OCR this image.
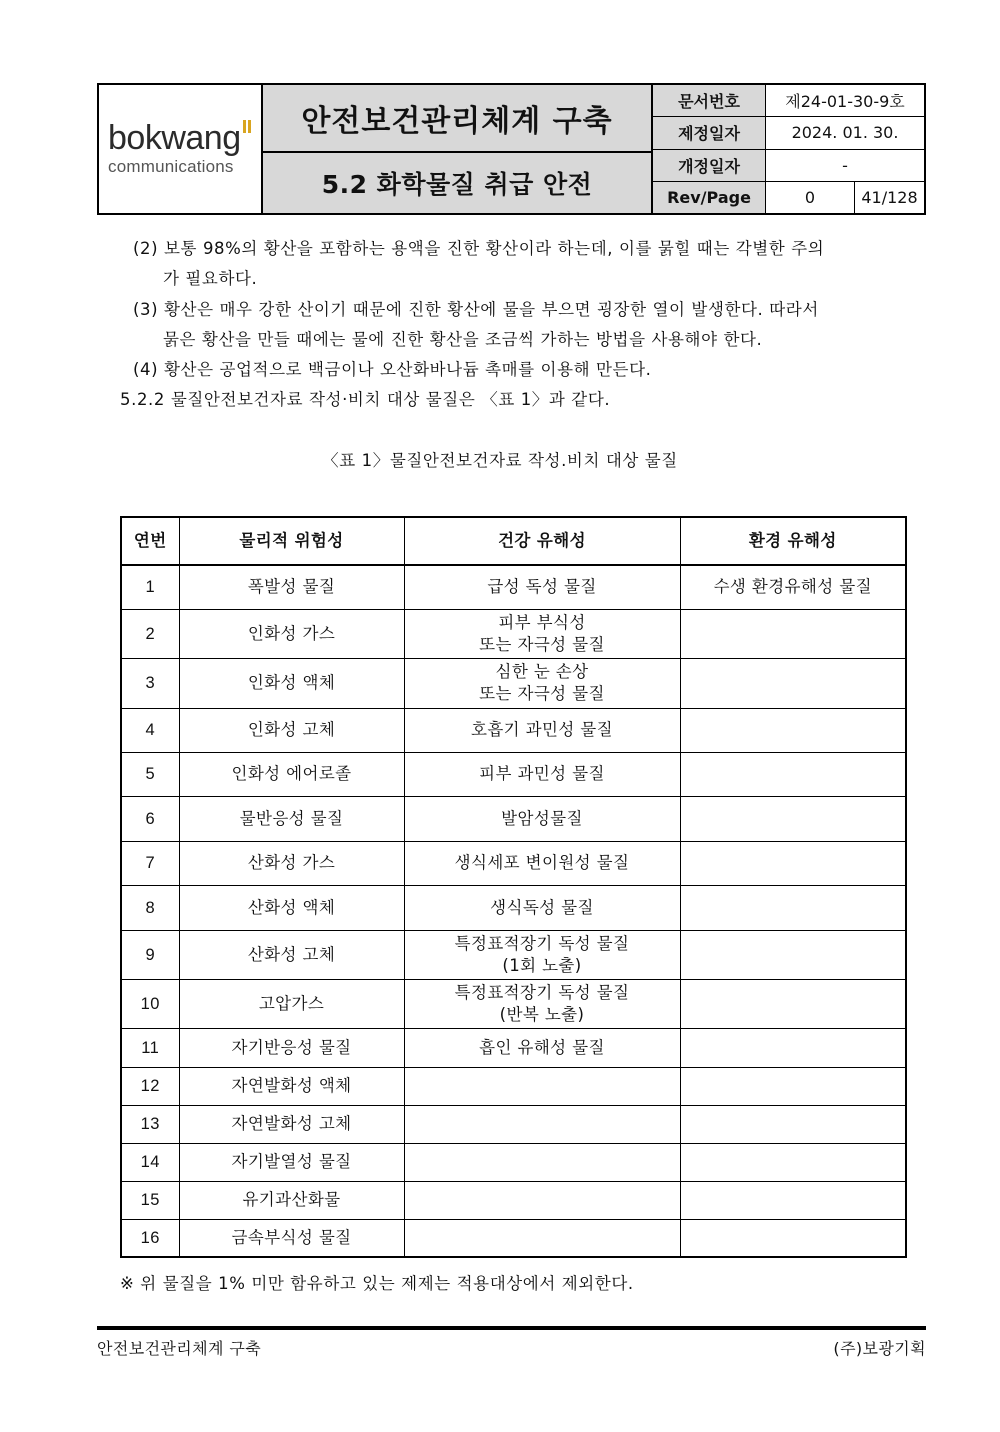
bokwang
communications
안전보건관리체계 구축
5.2 화학물질 취급 안전
문서번호	제24-01-30-9호
제정일자	2024. 01. 30.
개정일자	-
Rev/Page	0	41/128
(2) 보통 98%의 황산을 포함하는 용액을 진한 황산이라 하는데, 이를 묽힐 때는 각별한 주의
가 필요하다.
(3) 황산은 매우 강한 산이기 때문에 진한 황산에 물을 부으면 굉장한 열이 발생한다. 따라서
묽은 황산을 만들 때에는 물에 진한 황산을 조금씩 가하는 방법을 사용해야 한다.
(4) 황산은 공업적으로 백금이나 오산화바나듐 촉매를 이용해 만든다.
5.2.2 물질안전보건자료 작성·비치 대상 물질은 〈표 1〉과 같다.
〈표 1〉물질안전보건자료 작성.비치 대상 물질
연번	물리적 위험성	건강 유해성	환경 유해성
1	폭발성 물질	급성 독성 물질	수생 환경유해성 물질
2	인화성 가스	피부 부식성
또는 자극성 물질	
3	인화성 액체	심한 눈 손상
또는 자극성 물질	
4	인화성 고체	호흡기 과민성 물질	
5	인화성 에어로졸	피부 과민성 물질	
6	물반응성 물질	발암성물질	
7	산화성 가스	생식세포 변이원성 물질	
8	산화성 액체	생식독성 물질	
9	산화성 고체	특정표적장기 독성 물질
(1회 노출)	
10	고압가스	특정표적장기 독성 물질
(반복 노출)	
11	자기반응성 물질	흡인 유해성 물질	
12	자연발화성 액체		
13	자연발화성 고체		
14	자기발열성 물질		
15	유기과산화물		
16	금속부식성 물질		
※ 위 물질을 1% 미만 함유하고 있는 제제는 적용대상에서 제외한다.
안전보건관리체계 구축	(주)보광기획
